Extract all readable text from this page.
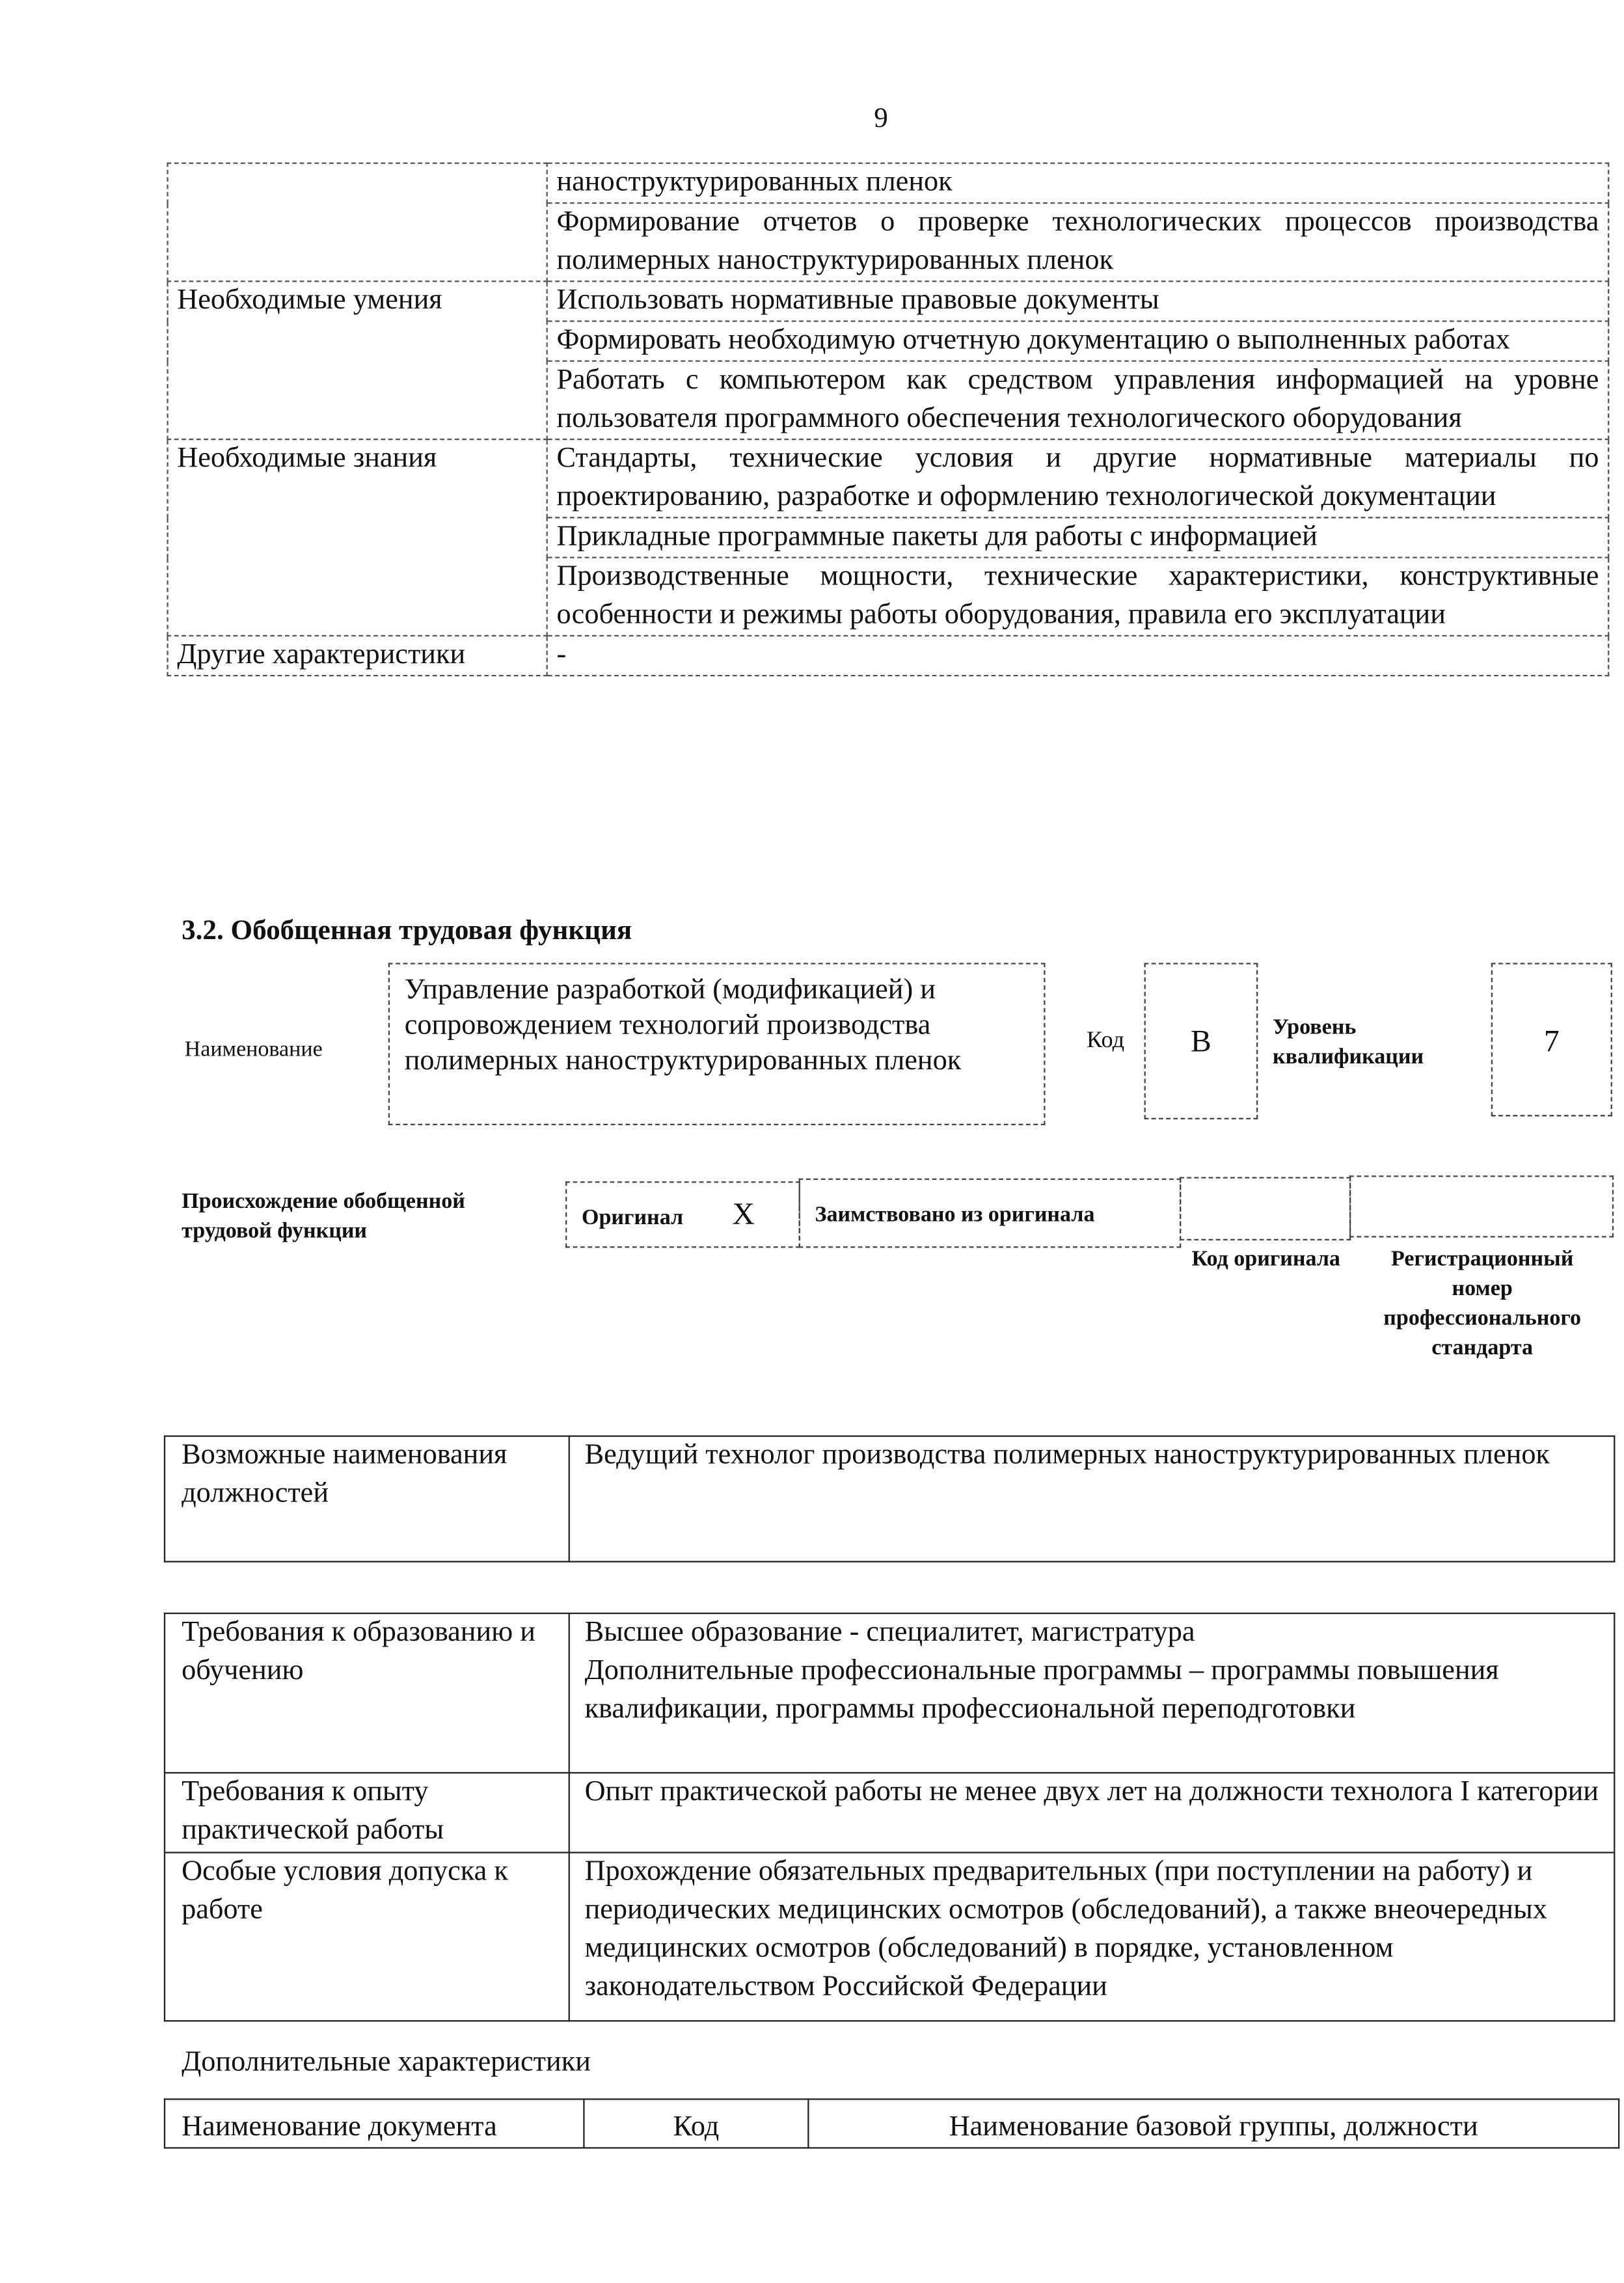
9
	наноструктурированных пленок
	Формирование отчетов о проверке технологических процессов производства полимерных наноструктурированных пленок
Необходимые умения	Использовать нормативные правовые документы
	Формировать необходимую отчетную документацию о выполненных работах
	Работать с компьютером как средством управления информацией на уровне пользователя программного обеспечения технологического оборудования
Необходимые знания	Стандарты, технические условия и другие нормативные материалы по проектированию, разработке и оформлению технологической документации
	Прикладные программные пакеты для работы с информацией
	Производственные мощности, технические характеристики, конструктивные особенности и режимы работы оборудования, правила его эксплуатации
Другие характеристики	-
3.2. Обобщенная трудовая функция
Наименование
Управление разработкой (модификацией) и сопровождением технологий производства полимерных наноструктурированных пленок
Код	B	Уровень квалификации	7
Происхождение обобщенной трудовой функции
Оригинал	X	Заимствовано из оригинала
Код оригинала	Регистрационный номер профессионального стандарта
Возможные наименования должностей	Ведущий технолог производства полимерных наноструктурированных пленок
Требования к образованию и обучению	Высшее образование - специалитет, магистратура
Дополнительные профессиональные программы – программы повышения квалификации, программы профессиональной переподготовки

Требования к опыту практической работы	Опыт практической работы не менее двух лет на должности технолога I категории
Особые условия допуска к работе	Прохождение обязательных предварительных (при поступлении на работу) и периодических медицинских осмотров (обследований), а также внеочередных медицинских осмотров (обследований) в порядке, установленном законодательством Российской Федерации
Дополнительные характеристики
Наименование документа	Код	Наименование базовой группы, должности
